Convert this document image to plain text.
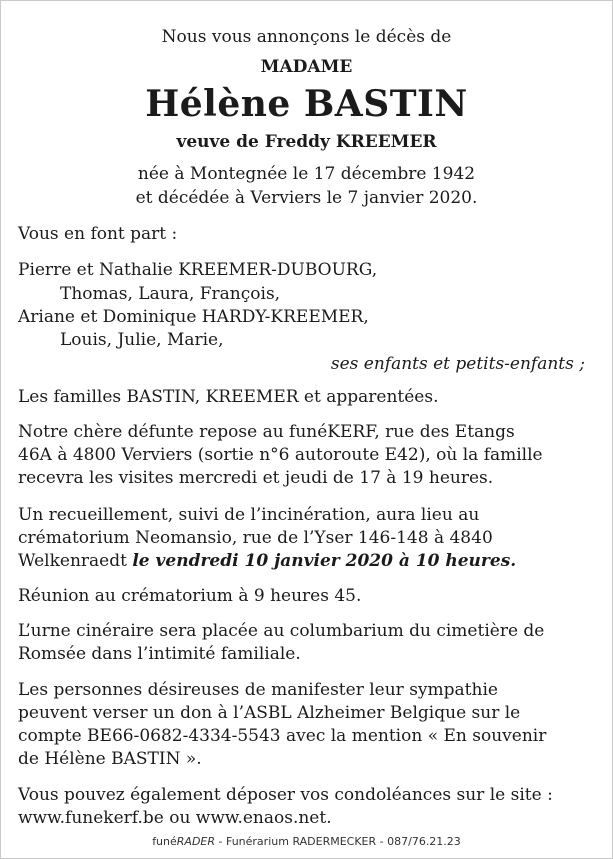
Nous vous annonçons le décès de
MADAME
Hélène BASTIN
veuve de Freddy KREEMER
née à Montegnée le 17 décembre 1942
et décédée à Verviers le 7 janvier 2020.
Vous en font part :
Pierre et Nathalie KREEMER-DUBOURG,
Thomas, Laura, François,
Ariane et Dominique HARDY-KREEMER,
Louis, Julie, Marie,
ses enfants et petits-enfants ;
Les familles BASTIN, KREEMER et apparentées.
Notre chère défunte repose au funéKERF, rue des Etangs
46A à 4800 Verviers (sortie n°6 autoroute E42), où la famille
recevra les visites mercredi et jeudi de 17 à 19 heures.
Un recueillement, suivi de l’incinération, aura lieu au
crématorium Neomansio, rue de l’Yser 146-148 à 4840
Welkenraedt le vendredi 10 janvier 2020 à 10 heures.
Réunion au crématorium à 9 heures 45.
L’urne cinéraire sera placée au columbarium du cimetière de
Romsée dans l’intimité familiale.
Les personnes désireuses de manifester leur sympathie
peuvent verser un don à l’ASBL Alzheimer Belgique sur le
compte BE66-0682-4334-5543 avec la mention « En souvenir
de Hélène BASTIN ».
Vous pouvez également déposer vos condoléances sur le site :
www.funekerf.be ou www.enaos.net.
funéRADER - Funérarium RADERMECKER - 087/76.21.23
